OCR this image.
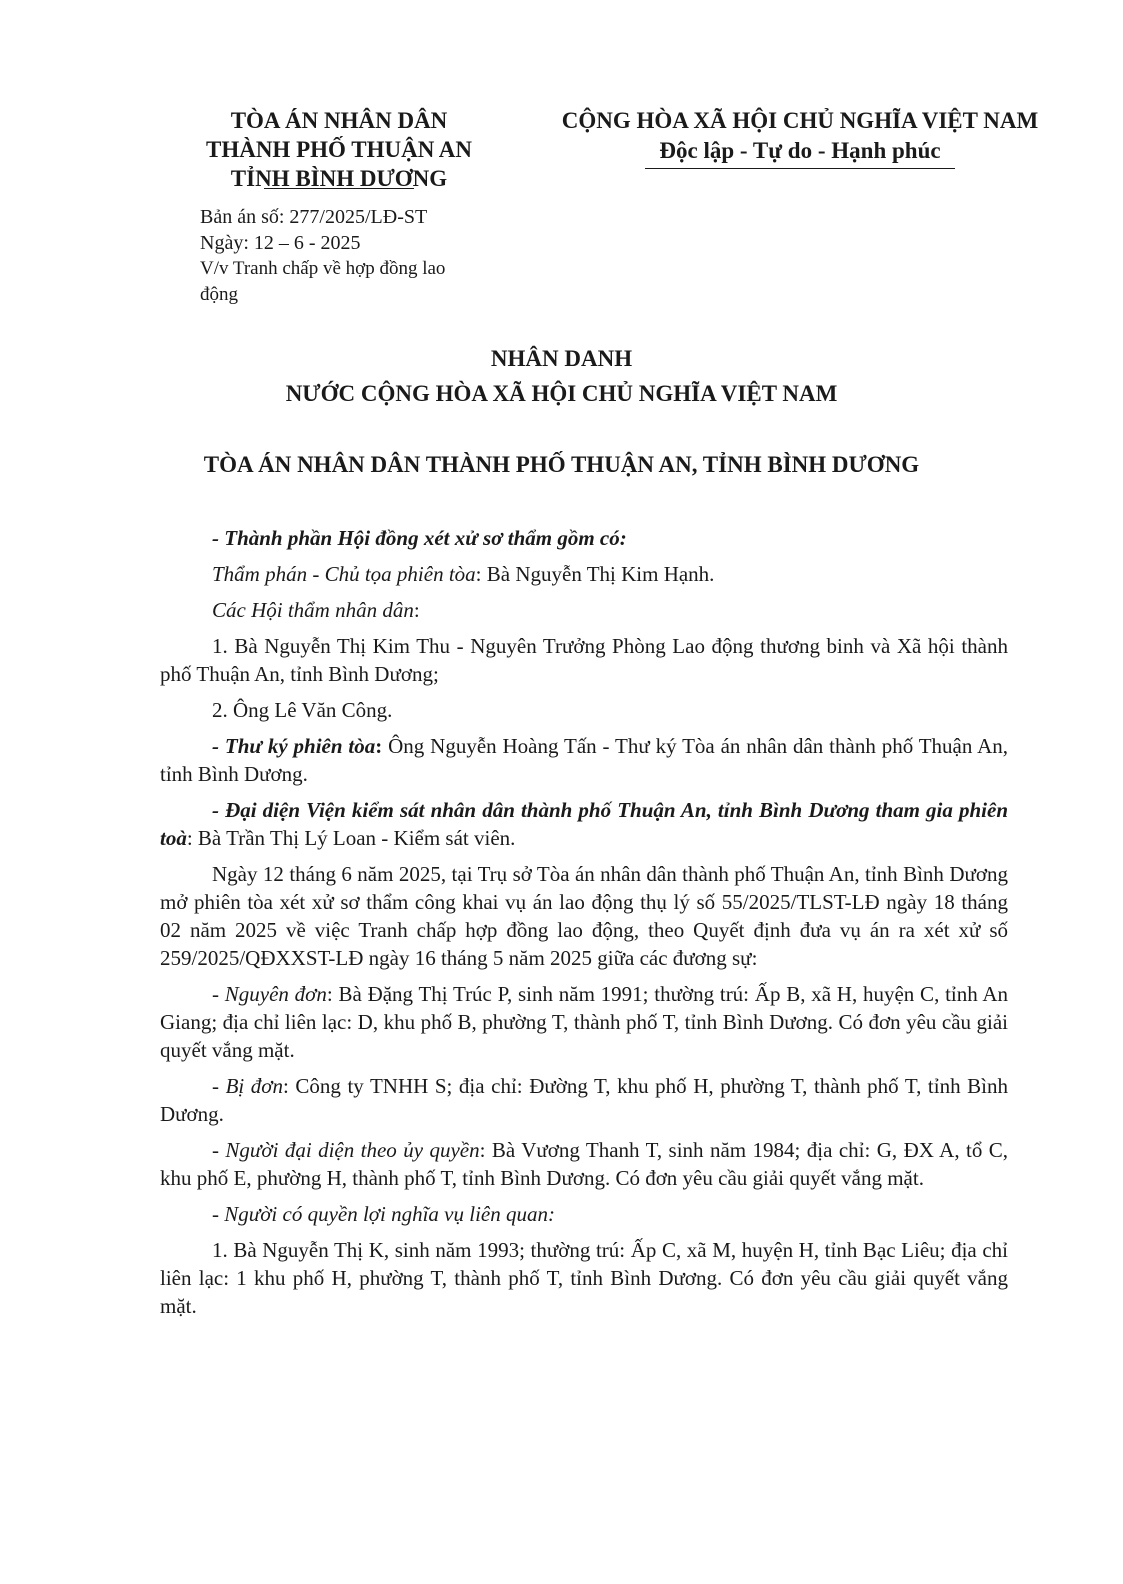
TÒA ÁN NHÂN DÂN
THÀNH PHỐ THUẬN AN
TỈNH BÌNH DƯƠNG
CỘNG HÒA XÃ HỘI CHỦ NGHĨA VIỆT NAM
Độc lập - Tự do - Hạnh phúc
Bản án số: 277/2025/LĐ-ST
Ngày: 12 – 6 - 2025
V/v Tranh chấp về hợp đồng lao
động
NHÂN DANH
NƯỚC CỘNG HÒA XÃ HỘI CHỦ NGHĨA VIỆT NAM
TÒA ÁN NHÂN DÂN THÀNH PHỐ THUẬN AN, TỈNH BÌNH DƯƠNG

- Thành phần Hội đồng xét xử sơ thẩm gồm có:

Thẩm phán - Chủ tọa phiên tòa: Bà Nguyễn Thị Kim Hạnh.

Các Hội thẩm nhân dân:

1. Bà Nguyễn Thị Kim Thu - Nguyên Trưởng Phòng Lao động thương binh và Xã hội thành phố Thuận An, tỉnh Bình Dương;

2. Ông Lê Văn Công.

- Thư ký phiên tòa: Ông Nguyễn Hoàng Tấn - Thư ký Tòa án nhân dân thành phố Thuận An, tỉnh Bình Dương.

- Đại diện Viện kiểm sát nhân dân thành phố Thuận An, tỉnh Bình Dương tham gia phiên toà: Bà Trần Thị Lý Loan - Kiểm sát viên.

Ngày 12 tháng 6 năm 2025, tại Trụ sở Tòa án nhân dân thành phố Thuận An, tỉnh Bình Dương mở phiên tòa xét xử sơ thẩm công khai vụ án lao động thụ lý số 55/2025/TLST-LĐ ngày 18 tháng 02 năm 2025 về việc Tranh chấp hợp đồng lao động, theo Quyết định đưa vụ án ra xét xử số 259/2025/QĐXXST-LĐ ngày 16 tháng 5 năm 2025 giữa các đương sự:

- Nguyên đơn: Bà Đặng Thị Trúc P, sinh năm 1991; thường trú: Ấp B, xã H, huyện C, tỉnh An Giang; địa chỉ liên lạc: D, khu phố B, phường T, thành phố T, tỉnh Bình Dương. Có đơn yêu cầu giải quyết vắng mặt.

- Bị đơn: Công ty TNHH S; địa chỉ: Đường T, khu phố H, phường T, thành phố T, tỉnh Bình Dương.

- Người đại diện theo ủy quyền: Bà Vương Thanh T, sinh năm 1984; địa chỉ: G, ĐX A, tổ C, khu phố E, phường H, thành phố T, tỉnh Bình Dương. Có đơn yêu cầu giải quyết vắng mặt.

- Người có quyền lợi nghĩa vụ liên quan:

1. Bà Nguyễn Thị K, sinh năm 1993; thường trú: Ấp C, xã M, huyện H, tỉnh Bạc Liêu; địa chỉ liên lạc: 1 khu phố H, phường T, thành phố T, tỉnh Bình Dương. Có đơn yêu cầu giải quyết vắng mặt.
